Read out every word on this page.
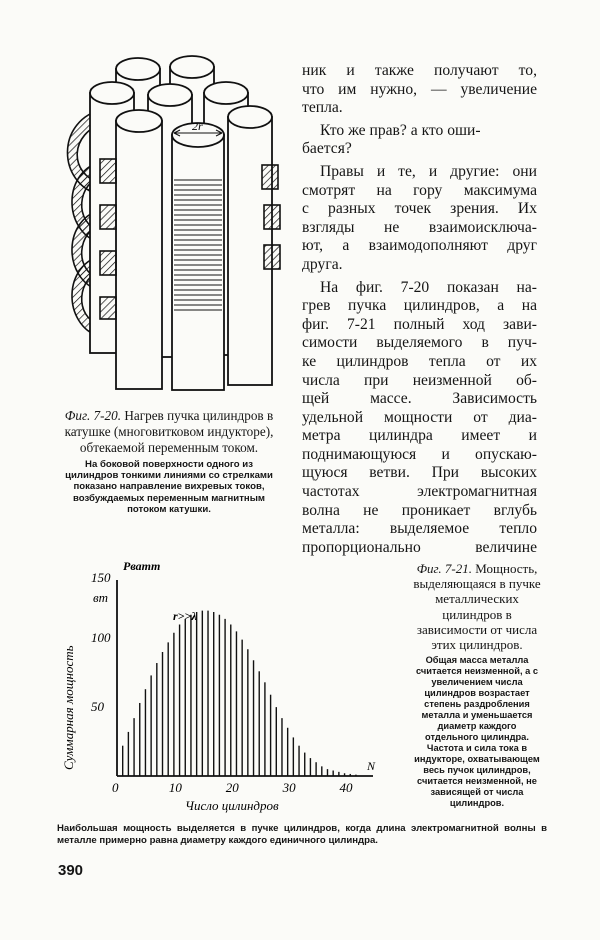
2r
Фиг. 7-20. Нагрев пучка цилиндров в катушке (многовитковом индукторе), обтекаемой переменным током.
На боковой поверхности одного из цилиндров тонкими линиями со стрелками показано направление вихревых токов, возбуждаемых переменным магнитным потоком катушки.
ник и также получают то,
что им нужно, — увеличение
тепла.
Кто же прав? а кто оши-
бается?
Правы и те, и другие: они
смотрят на гору максимума
с разных точек зрения. Их
взгляды не взаимоисключа-
ют, а взаимодополняют друг
друга.
На фиг. 7-20 показан на-
грев пучка цилиндров, а на
фиг. 7-21 полный ход зави-
симости выделяемого в пуч-
ке цилиндров тепла от их
числа при неизменной об-
щей массе. Зависимость
удельной мощности от диа-
метра цилиндра имеет и
поднимающуюся и опускаю-
щуюся ветви. При высоких
частотах электромагнитная
волна не проникает вглубь
металла: выделяемое тепло
пропорционально величине
0	10	20	30	40
50
100
150
вт
Pватт
r>>λ
N
Число цилиндров
Суммарная мощность
Фиг. 7-21. Мощность, выделяющаяся в пучке металлических цилиндров в зависимости от числа этих цилиндров.
Общая масса металла считается неизменной, а с увеличением числа цилиндров возрастает степень раздробления металла и уменьшается диаметр каждого отдельного цилиндра. Частота и сила тока в индукторе, охватывающем весь пучок цилиндров, считается неизменной, не зависящей от числа цилиндров.
Наибольшая мощность выделяется в пучке цилиндров, когда длина электромагнитной волны в металле примерно равна диаметру каждого единичного цилиндра.
390
